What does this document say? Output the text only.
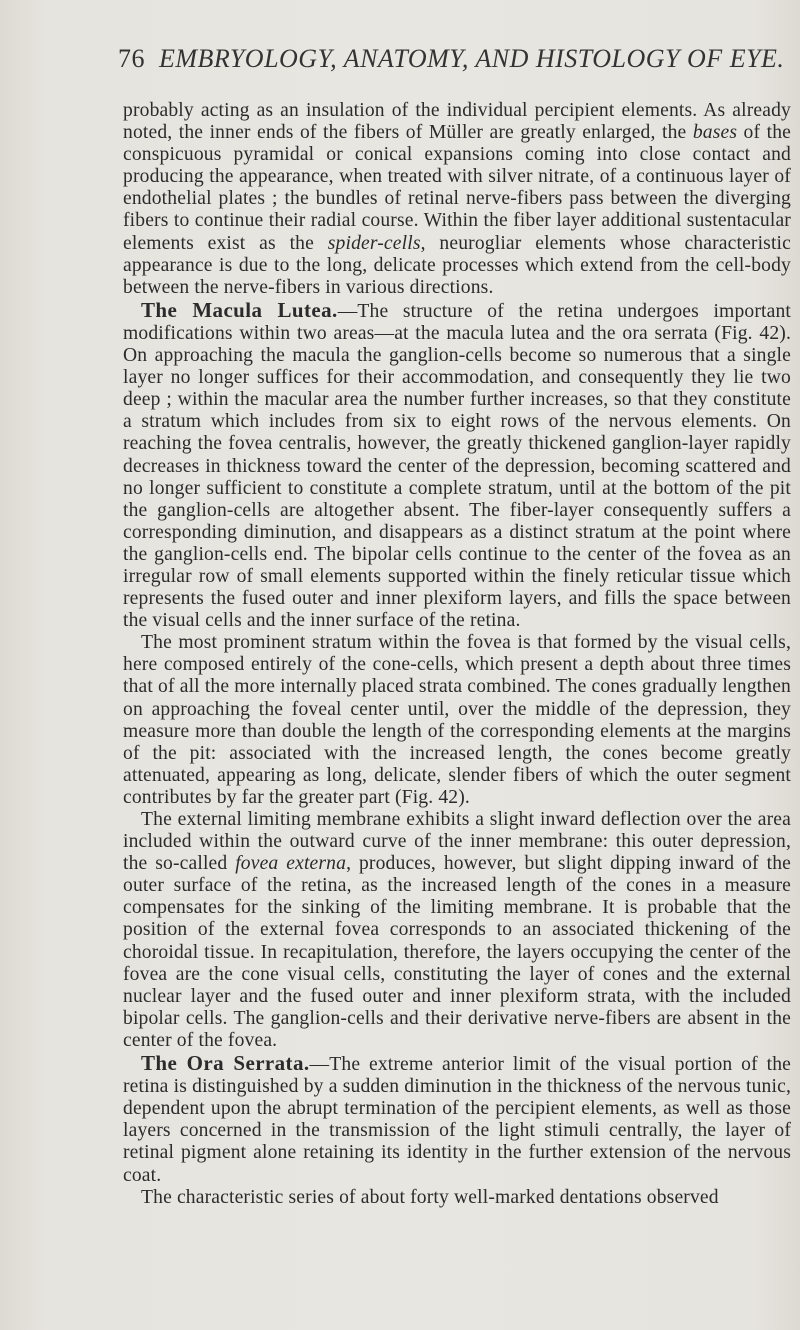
76 EMBRYOLOGY, ANATOMY, AND HISTOLOGY OF EYE.

probably acting as an insulation of the individual percipient elements. As already noted, the inner ends of the fibers of Müller are greatly enlarged, the bases of the conspicuous pyramidal or conical expansions coming into close contact and producing the appearance, when treated with silver nitrate, of a continuous layer of endothelial plates ; the bundles of retinal nerve-fibers pass between the diverging fibers to continue their radial course. Within the fiber layer additional sustentacular elements exist as the spider-cells, neurogliar elements whose characteristic appearance is due to the long, delicate processes which extend from the cell-body between the nerve-fibers in various directions.

The Macula Lutea.—The structure of the retina undergoes important modifications within two areas—at the macula lutea and the ora serrata (Fig. 42). On approaching the macula the ganglion-cells become so numerous that a single layer no longer suffices for their accommodation, and consequently they lie two deep ; within the macular area the number further increases, so that they constitute a stratum which includes from six to eight rows of the nervous elements. On reaching the fovea centralis, however, the greatly thickened ganglion-layer rapidly decreases in thickness toward the center of the depression, becoming scattered and no longer sufficient to constitute a complete stratum, until at the bottom of the pit the ganglion-cells are altogether absent. The fiber-layer consequently suffers a corresponding diminution, and disappears as a distinct stratum at the point where the ganglion-cells end. The bipolar cells continue to the center of the fovea as an irregular row of small elements supported within the finely reticular tissue which represents the fused outer and inner plexiform layers, and fills the space between the visual cells and the inner surface of the retina.

The most prominent stratum within the fovea is that formed by the visual cells, here composed entirely of the cone-cells, which present a depth about three times that of all the more internally placed strata combined. The cones gradually lengthen on approaching the foveal center until, over the middle of the depression, they measure more than double the length of the corresponding elements at the margins of the pit: associated with the increased length, the cones become greatly attenuated, appearing as long, delicate, slender fibers of which the outer segment contributes by far the greater part (Fig. 42).

The external limiting membrane exhibits a slight inward deflection over the area included within the outward curve of the inner membrane: this outer depression, the so-called fovea externa, produces, however, but slight dipping inward of the outer surface of the retina, as the increased length of the cones in a measure compensates for the sinking of the limiting membrane. It is probable that the position of the external fovea corresponds to an associated thickening of the choroidal tissue. In recapitulation, therefore, the layers occupying the center of the fovea are the cone visual cells, constituting the layer of cones and the external nuclear layer and the fused outer and inner plexiform strata, with the included bipolar cells. The ganglion-cells and their derivative nerve-fibers are absent in the center of the fovea.

The Ora Serrata.—The extreme anterior limit of the visual portion of the retina is distinguished by a sudden diminution in the thickness of the nervous tunic, dependent upon the abrupt termination of the percipient elements, as well as those layers concerned in the transmission of the light stimuli centrally, the layer of retinal pigment alone retaining its identity in the further extension of the nervous coat.

The characteristic series of about forty well-marked dentations observed
